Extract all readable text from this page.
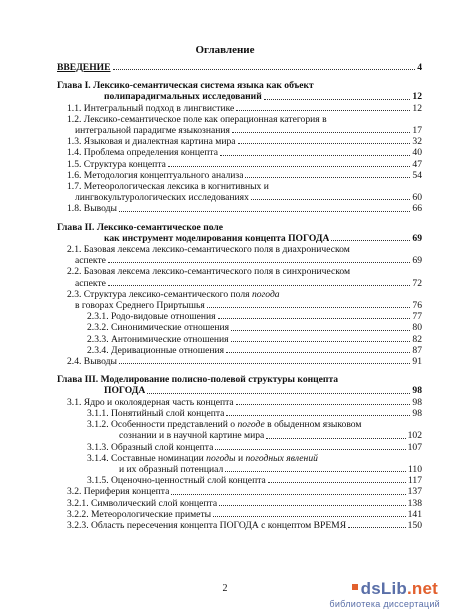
Оглавление
ВВЕДЕНИЕ	4
Глава I. Лексико-семантическая система языка как объект
полипарадигмальных исследований	12
1.1. Интегральный подход в лингвистике	12
1.2. Лексико-семантическое поле как операционная категория в
интегральной парадигме языкознания	17
1.3. Языковая и диалектная картина мира	32
1.4. Проблема определения концепта	40
1.5. Структура концепта	47
1.6. Методология концептуального анализа	54
1.7. Метеорологическая лексика в когнитивных и
лингвокультурологических исследованиях	60
1.8. Выводы	66
Глава II. Лексико-семантическое поле
как инструмент моделирования концепта ПОГОДА	69
2.1. Базовая лексема лексико-семантического поля в диахроническом
аспекте	69
2.2. Базовая лексема лексико-семантического поля в синхроническом
аспекте	72
2.3. Структура лексико-семантического поля погода
в говорах Среднего Приртышья	76
2.3.1. Родо-видовые отношения	77
2.3.2. Синонимические отношения	80
2.3.3. Антонимические отношения	82
2.3.4. Деривационные отношения	87
2.4. Выводы	91
Глава III. Моделирование полисно-полевой структуры концепта
ПОГОДА	98
3.1. Ядро и околоядерная часть концепта	98
3.1.1. Понятийный слой концепта	98
3.1.2. Особенности представлений о погоде в обыденном языковом
сознании и в научной картине мира	102
3.1.3. Образный слой концепта	107
3.1.4. Составные номинации погоды и погодных явлений
и их образный потенциал	110
3.1.5. Оценочно-ценностный слой концепта	117
3.2. Периферия концепта	137
3.2.1. Символический слой концепта	138
3.2.2. Метеорологические приметы	141
3.2.3. Область пересечения концепта ПОГОДА с концептом ВРЕМЯ	150
2	dsLib.net
библиотека диссертаций
